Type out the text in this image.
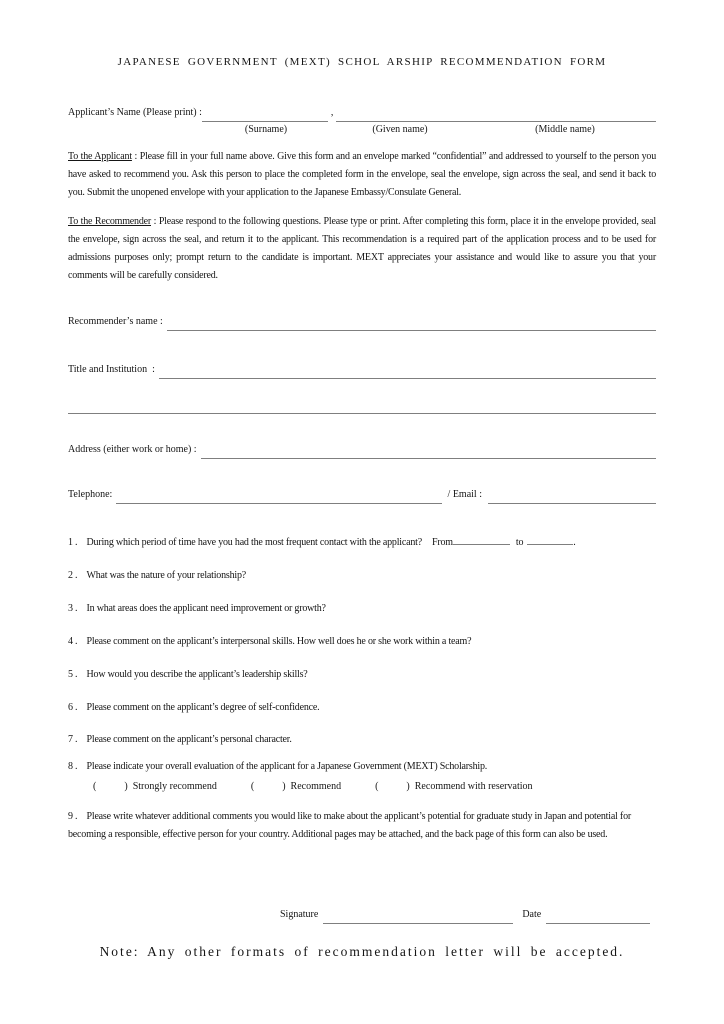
JAPANESE GOVERNMENT (MEXT) SCHOL ARSHIP RECOMMENDATION FORM
Applicant’s Name (Please print) :	,
(Surname)	(Given name)	(Middle name)

To the Applicant : Please fill in your full name above. Give this form and an envelope marked “confidential” and addressed to yourself to the person you have asked to recommend you. Ask this person to place the completed form in the envelope, seal the envelope, sign across the seal, and send it back to you. Submit the unopened envelope with your application to the Japanese Embassy/Consulate General.

To the Recommender : Please respond to the following questions. Please type or print. After completing this form, place it in the envelope provided, seal the envelope, sign across the seal, and return it to the applicant. This recommendation is a required part of the application process and to be used for admissions purposes only; prompt return to the candidate is important. MEXT appreciates your assistance and would like to assure you that your comments will be carefully considered.

Recommender’s name :
Title and Institution  :
Address (either work or home) :
Telephone:	/ Email :
1. During which period of time have you had the most frequent contact with the applicant? From	to	.
2. What was the nature of your relationship?
3. In what areas does the applicant need improvement or growth?
4. Please comment on the applicant’s interpersonal skills. How well does he or she work within a team?
5. How would you describe the applicant’s leadership skills?
6. Please comment on the applicant’s degree of self-confidence.
7. Please comment on the applicant’s personal character.
8. Please indicate your overall evaluation of the applicant for a Japanese Government (MEXT) Scholarship.
(	) Strongly recommend	(	) Recommend	(	) Recommend with reservation
9. Please write whatever additional comments you would like to make about the applicant’s potential for graduate study in Japan and potential for becoming a responsible, effective person for your country. Additional pages may be attached, and the back page of this form can also be used.
Signature	Date
Note: Any other formats of recommendation letter will be accepted.
